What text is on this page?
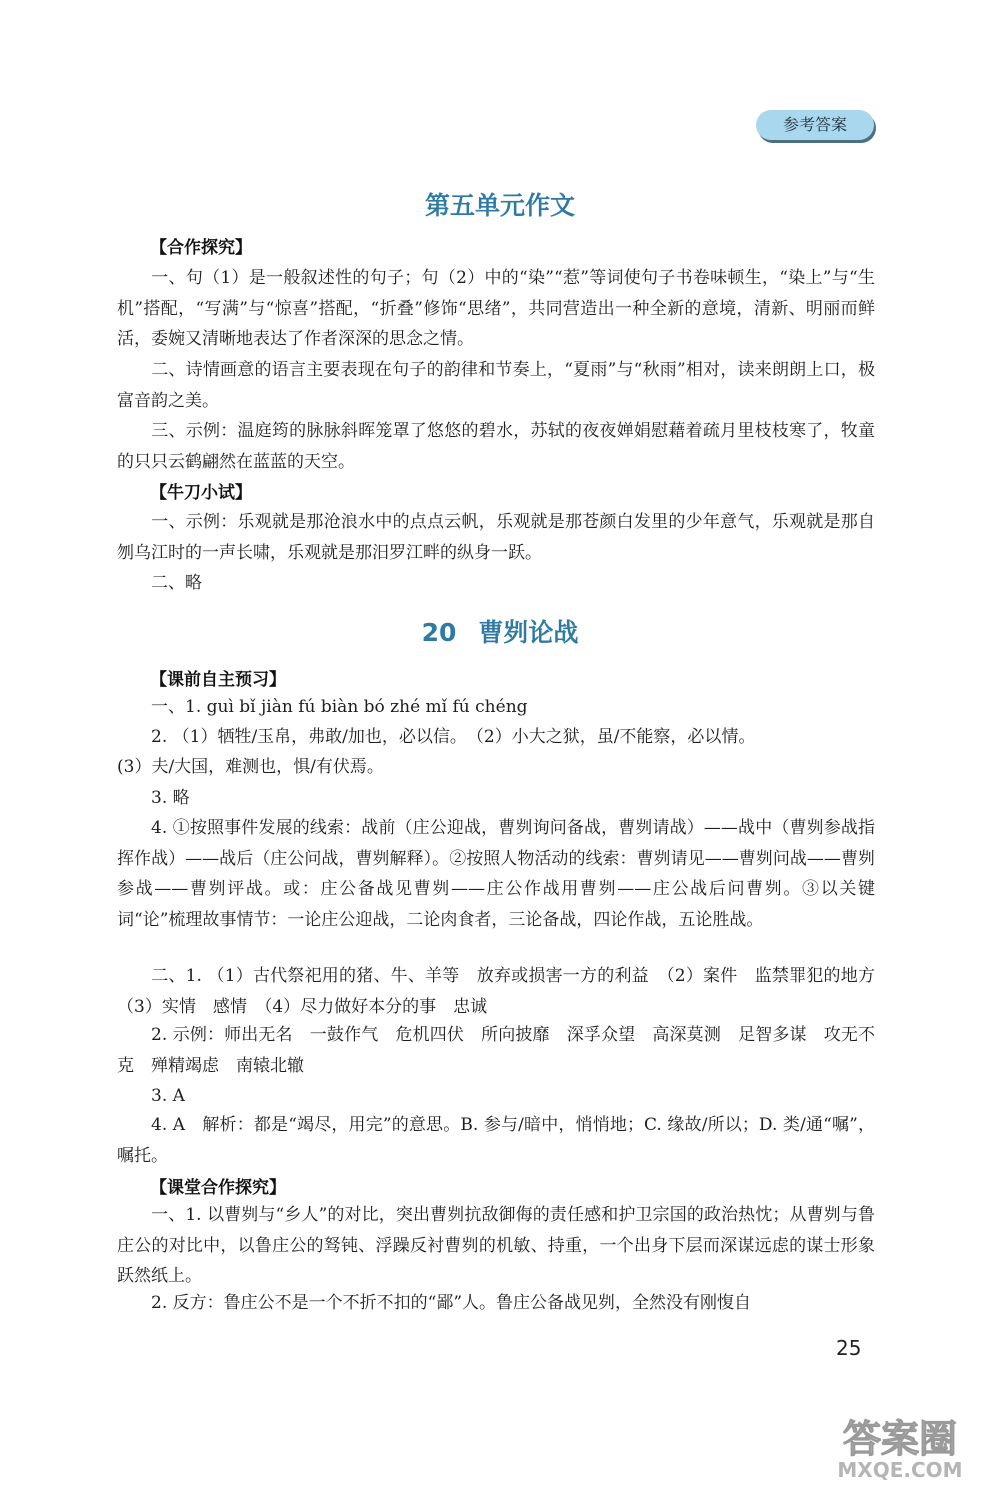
参考答案
第五单元作文
【合作探究】
一、句（1）是一般叙述性的句子；句（2）中的“染”“惹”等词使句子书卷味顿生，“染上”与“生机”搭配，“写满”与“惊喜”搭配，“折叠”修饰“思绪”，共同营造出一种全新的意境，清新、明丽而鲜活，委婉又清晰地表达了作者深深的思念之情。
二、诗情画意的语言主要表现在句子的韵律和节奏上，“夏雨”与“秋雨”相对，读来朗朗上口，极富音韵之美。
三、示例：温庭筠的脉脉斜晖笼罩了悠悠的碧水，苏轼的夜夜婵娟慰藉着疏月里枝枝寒了，牧童的只只云鹤翩然在蓝蓝的天空。
【牛刀小试】
一、示例：乐观就是那沧浪水中的点点云帆，乐观就是那苍颜白发里的少年意气，乐观就是那自刎乌江时的一声长啸，乐观就是那汨罗江畔的纵身一跃。
二、略
20 曹刿论战
【课前自主预习】
一、1. guì bǐ jiàn fú biàn bó zhé mǐ fú chéng
2. （1）牺牲/玉帛，弗敢/加也，必以信。　（2）小大之狱，虽/不能察，必以情。
(3）夫/大国，难测也，惧/有伏焉。
3. 略
4. ①按照事件发展的线索：战前（庄公迎战，曹刿询问备战，曹刿请战）——战中（曹刿参战指挥作战）——战后（庄公问战，曹刿解释）。②按照人物活动的线索：曹刿请见——曹刿问战——曹刿参战——曹刿评战。或：庄公备战见曹刿——庄公作战用曹刿——庄公战后问曹刿。③以关键词“论”梳理故事情节：一论庄公迎战，二论肉食者，三论备战，四论作战，五论胜战。
二、1. （1）古代祭祀用的猪、牛、羊等　放弃或损害一方的利益　（2）案件　监禁罪犯的地方　（3）实情　感情　（4）尽力做好本分的事　忠诚
2. 示例：师出无名　一鼓作气　危机四伏　所向披靡　深孚众望　高深莫测　足智多谋　攻无不克　殚精竭虑　南辕北辙
3. A
4. A　解析：都是“竭尽，用完”的意思。B. 参与/暗中，悄悄地；C. 缘故/所以；D. 类/通“嘱”，嘱托。
【课堂合作探究】
一、1. 以曹刿与“乡人”的对比，突出曹刿抗敌御侮的责任感和护卫宗国的政治热忱；从曹刿与鲁庄公的对比中，以鲁庄公的驽钝、浮躁反衬曹刿的机敏、持重，一个出身下层而深谋远虑的谋士形象跃然纸上。
2. 反方：鲁庄公不是一个不折不扣的“鄙”人。鲁庄公备战见刿，全然没有刚愎自
25
答案圈
MXQE.COM
